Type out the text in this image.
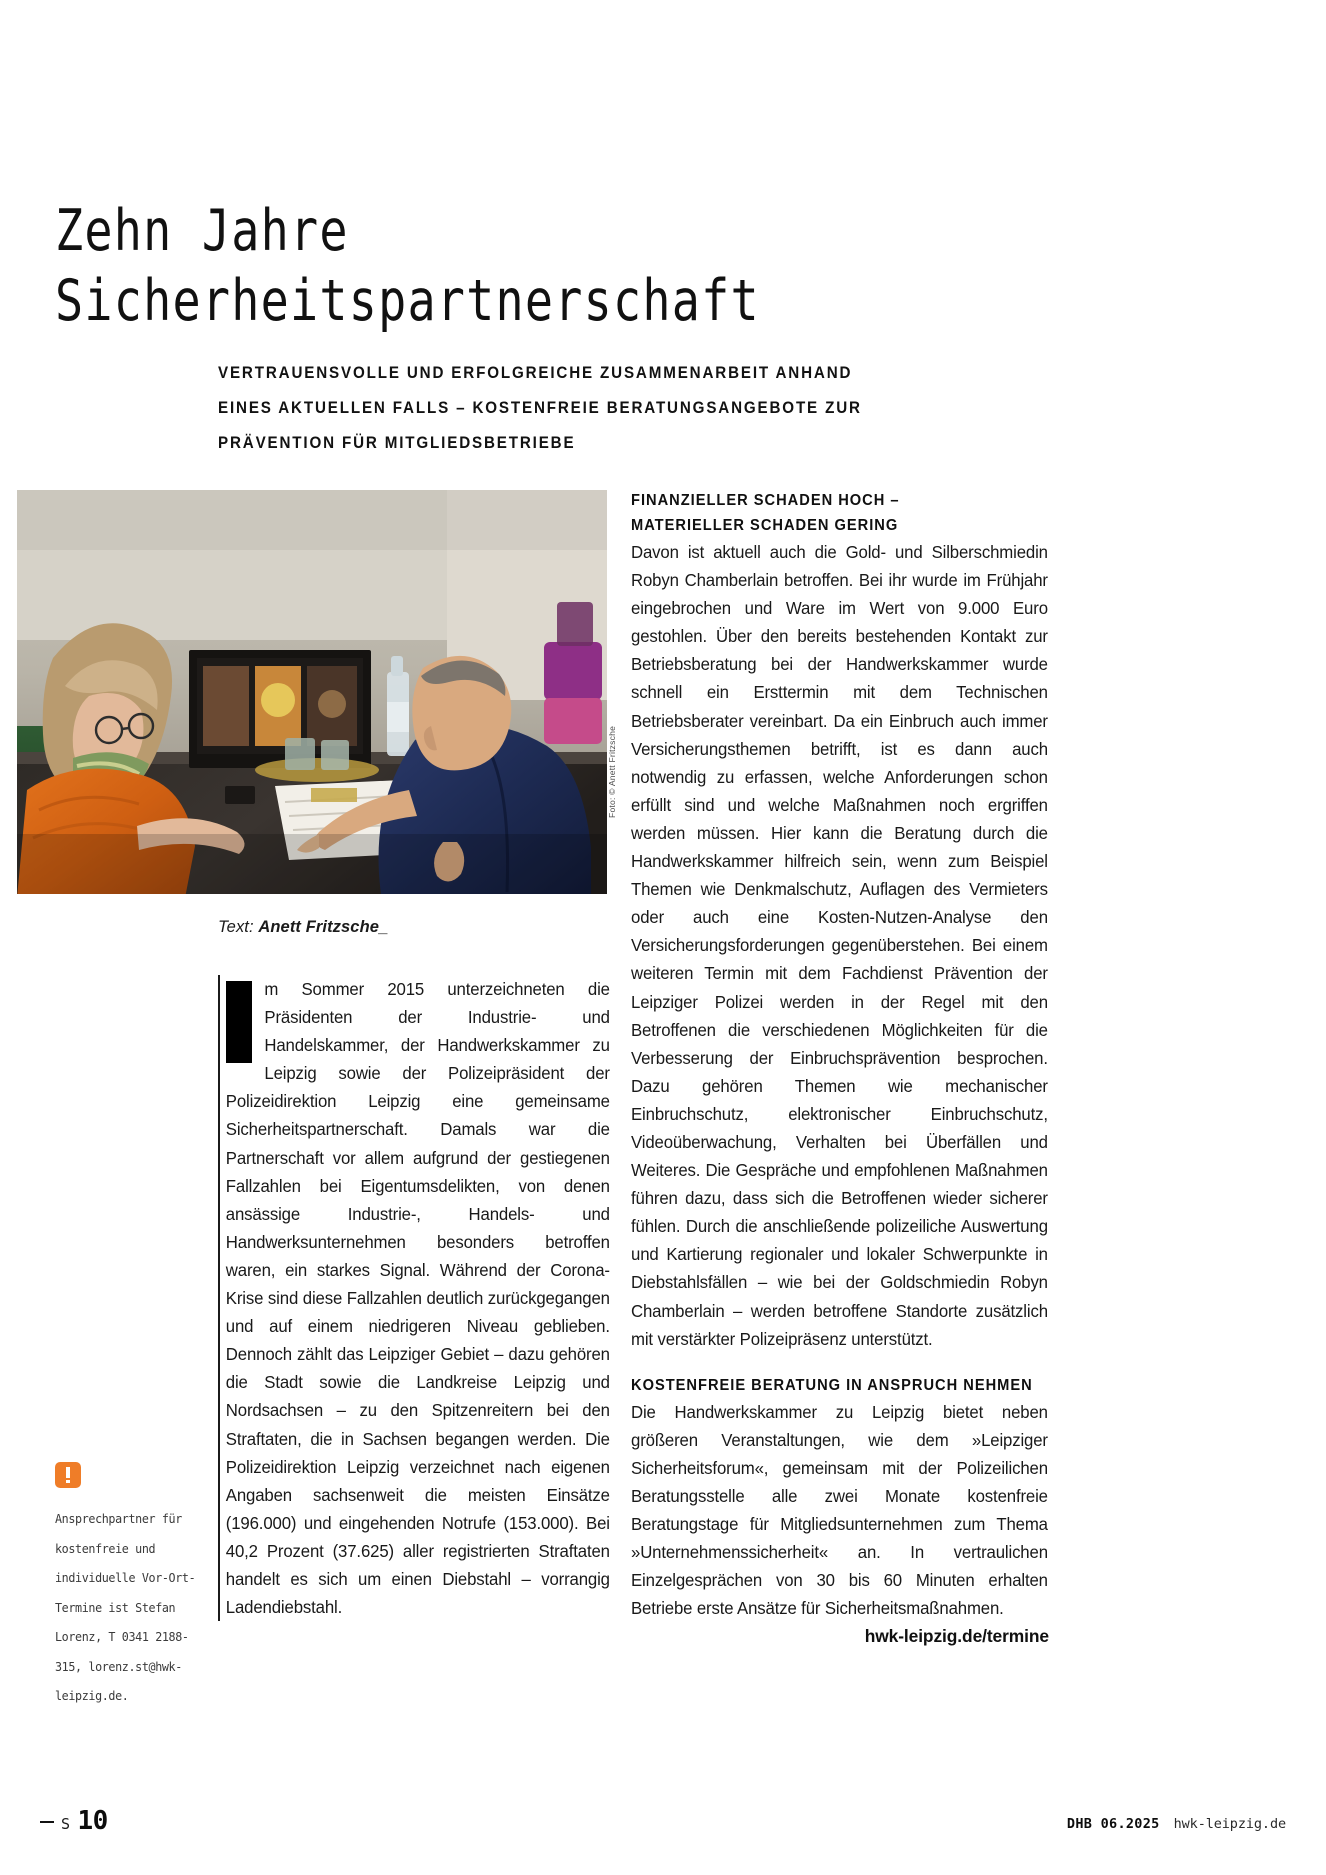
Zehn Jahre
Sicherheitspartnerschaft
VERTRAUENSVOLLE UND ERFOLGREICHE ZUSAMMENARBEIT ANHAND
EINES AKTUELLEN FALLS – KOSTENFREIE BERATUNGSANGEBOTE ZUR
PRÄVENTION FÜR MITGLIEDSBETRIEBE
Foto: © Anett Fritzsche
Text: Anett Fritzsche_
m Sommer 2015 unterzeichneten die Präsidenten der Industrie- und Handelskammer, der Handwerkskammer zu Leipzig sowie der Polizeipräsident der Polizeidirektion Leipzig eine gemeinsame Sicherheitspartnerschaft. Damals war die Partnerschaft vor allem aufgrund der gestiegenen Fallzahlen bei Eigentumsdelikten, von denen ansässige Industrie-, Handels- und Handwerksunternehmen besonders betroffen waren, ein starkes Signal. Während der Corona-Krise sind diese Fallzahlen deutlich zurückgegangen und auf einem niedrigeren Niveau geblieben. Dennoch zählt das Leipziger Gebiet – dazu gehören die Stadt sowie die Landkreise Leipzig und Nordsachsen – zu den Spitzenreitern bei den Straftaten, die in Sachsen begangen werden. Die Polizeidirektion Leipzig verzeichnet nach eigenen Angaben sachsenweit die meisten Einsätze (196.000) und eingehenden Notrufe (153.000). Bei 40,2 Prozent (37.625) aller registrierten Straftaten handelt es sich um einen Diebstahl – vorrangig Ladendiebstahl.
FINANZIELLER SCHADEN HOCH –
MATERIELLER SCHADEN GERING
Davon ist aktuell auch die Gold- und Silberschmiedin Robyn Chamberlain betroffen. Bei ihr wurde im Frühjahr eingebrochen und Ware im Wert von 9.000 Euro gestohlen. Über den bereits bestehenden Kontakt zur Betriebsberatung bei der Handwerkskammer wurde schnell ein Ersttermin mit dem Technischen Betriebsberater vereinbart. Da ein Einbruch auch immer Versicherungsthemen betrifft, ist es dann auch notwendig zu erfassen, welche Anforderungen schon erfüllt sind und welche Maßnahmen noch ergriffen werden müssen. Hier kann die Beratung durch die Handwerkskammer hilfreich sein, wenn zum Beispiel Themen wie Denkmalschutz, Auflagen des Vermieters oder auch eine Kosten-Nutzen-Analyse den Versicherungsforderungen gegenüberstehen. Bei einem weiteren Termin mit dem Fachdienst Prävention der Leipziger Polizei werden in der Regel mit den Betroffenen die verschiedenen Möglichkeiten für die Verbesserung der Einbruchsprävention besprochen. Dazu gehören Themen wie mechanischer Einbruchschutz, elektronischer Einbruchschutz, Videoüberwachung, Verhalten bei Überfällen und Weiteres. Die Gespräche und empfohlenen Maßnahmen führen dazu, dass sich die Betroffenen wieder sicherer fühlen. Durch die anschließende polizeiliche Auswertung und Kartierung regionaler und lokaler Schwerpunkte in Diebstahlsfällen – wie bei der Goldschmiedin Robyn Chamberlain – werden betroffene Standorte zusätzlich mit verstärkter Polizeipräsenz unterstützt.
KOSTENFREIE BERATUNG IN ANSPRUCH NEHMEN
Die Handwerkskammer zu Leipzig bietet neben größeren Veranstaltungen, wie dem »Leipziger Sicherheitsforum«, gemeinsam mit der Polizeilichen Beratungsstelle alle zwei Monate kostenfreie Beratungstage für Mitgliedsunternehmen zum Thema »Unternehmenssicherheit« an. In vertraulichen Einzelgesprächen von 30 bis 60 Minuten erhalten Betriebe erste Ansätze für Sicherheitsmaßnahmen.
hwk-leipzig.de/termine
Ansprechpartner für kostenfreie und individuelle Vor-Ort-Termine ist Stefan Lorenz, T 0341 2188-315, lorenz.st@hwk-leipzig.de.
S 10	DHB 06.2025 hwk-leipzig.de
